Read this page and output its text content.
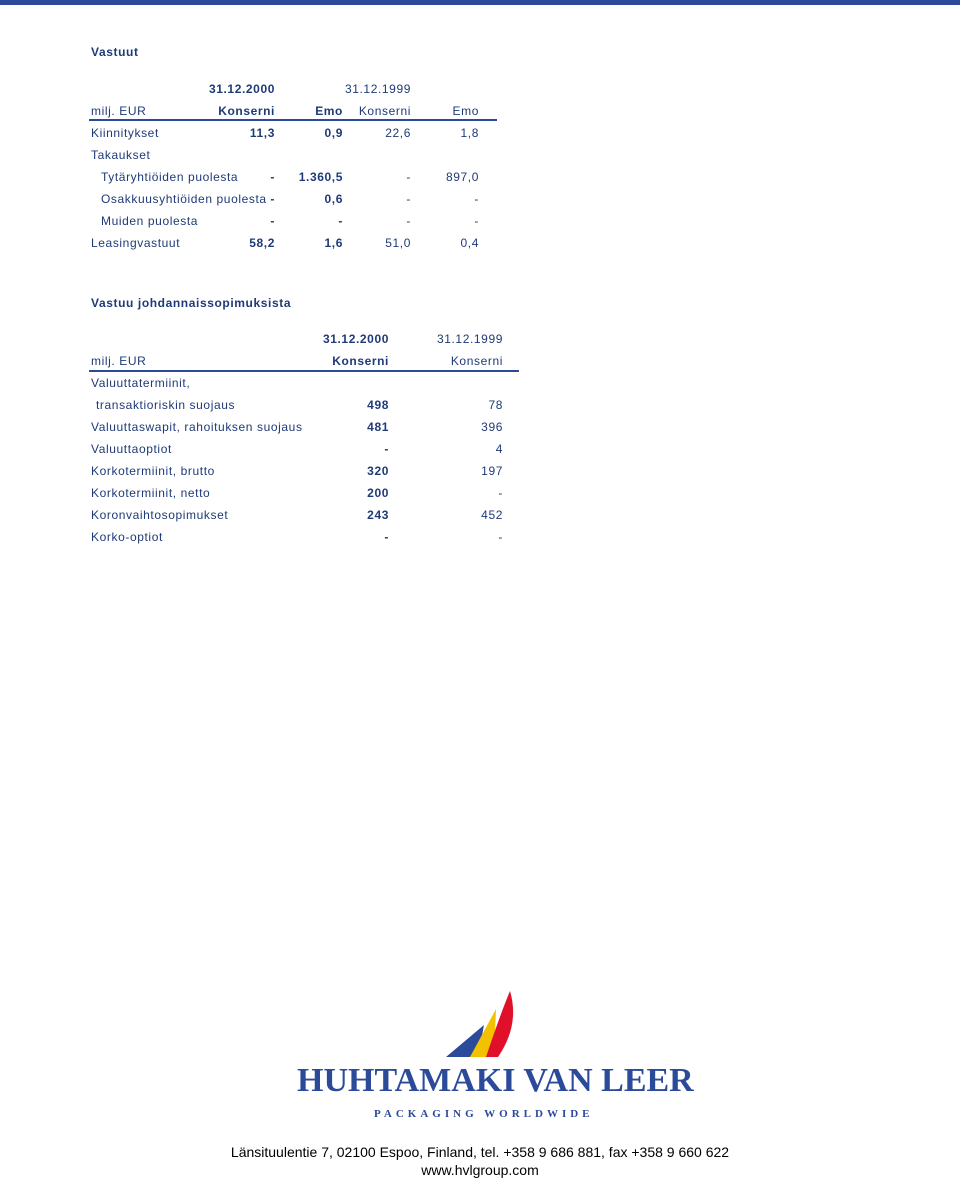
Vastuut
31.12.2000	31.12.1999
milj. EUR	Konserni	Emo	Konserni	Emo
Kiinnitykset	11,3	0,9	22,6	1,8
Takaukset
Tytäryhtiöiden puolesta	-	1.360,5	-	897,0
Osakkuusyhtiöiden puolesta -	0,6	-	-
Muiden puolesta	-	-	-	-
Leasingvastuut	58,2	1,6	51,0	0,4
Vastuu johdannaissopimuksista
31.12.2000	31.12.1999
milj. EUR	Konserni	Konserni
Valuuttatermiinit,
transaktioriskin suojaus	498	78
Valuuttaswapit, rahoituksen suojaus	481	396
Valuuttaoptiot	-	4
Korkotermiinit, brutto	320	197
Korkotermiinit, netto	200	-
Koronvaihtosopimukset	243	452
Korko-optiot	-	-
HUHTAMAKI VAN LEER
PACKAGING WORLDWIDE
Länsituulentie 7, 02100 Espoo, Finland, tel. +358 9 686 881, fax +358 9 660 622
www.hvlgroup.com
